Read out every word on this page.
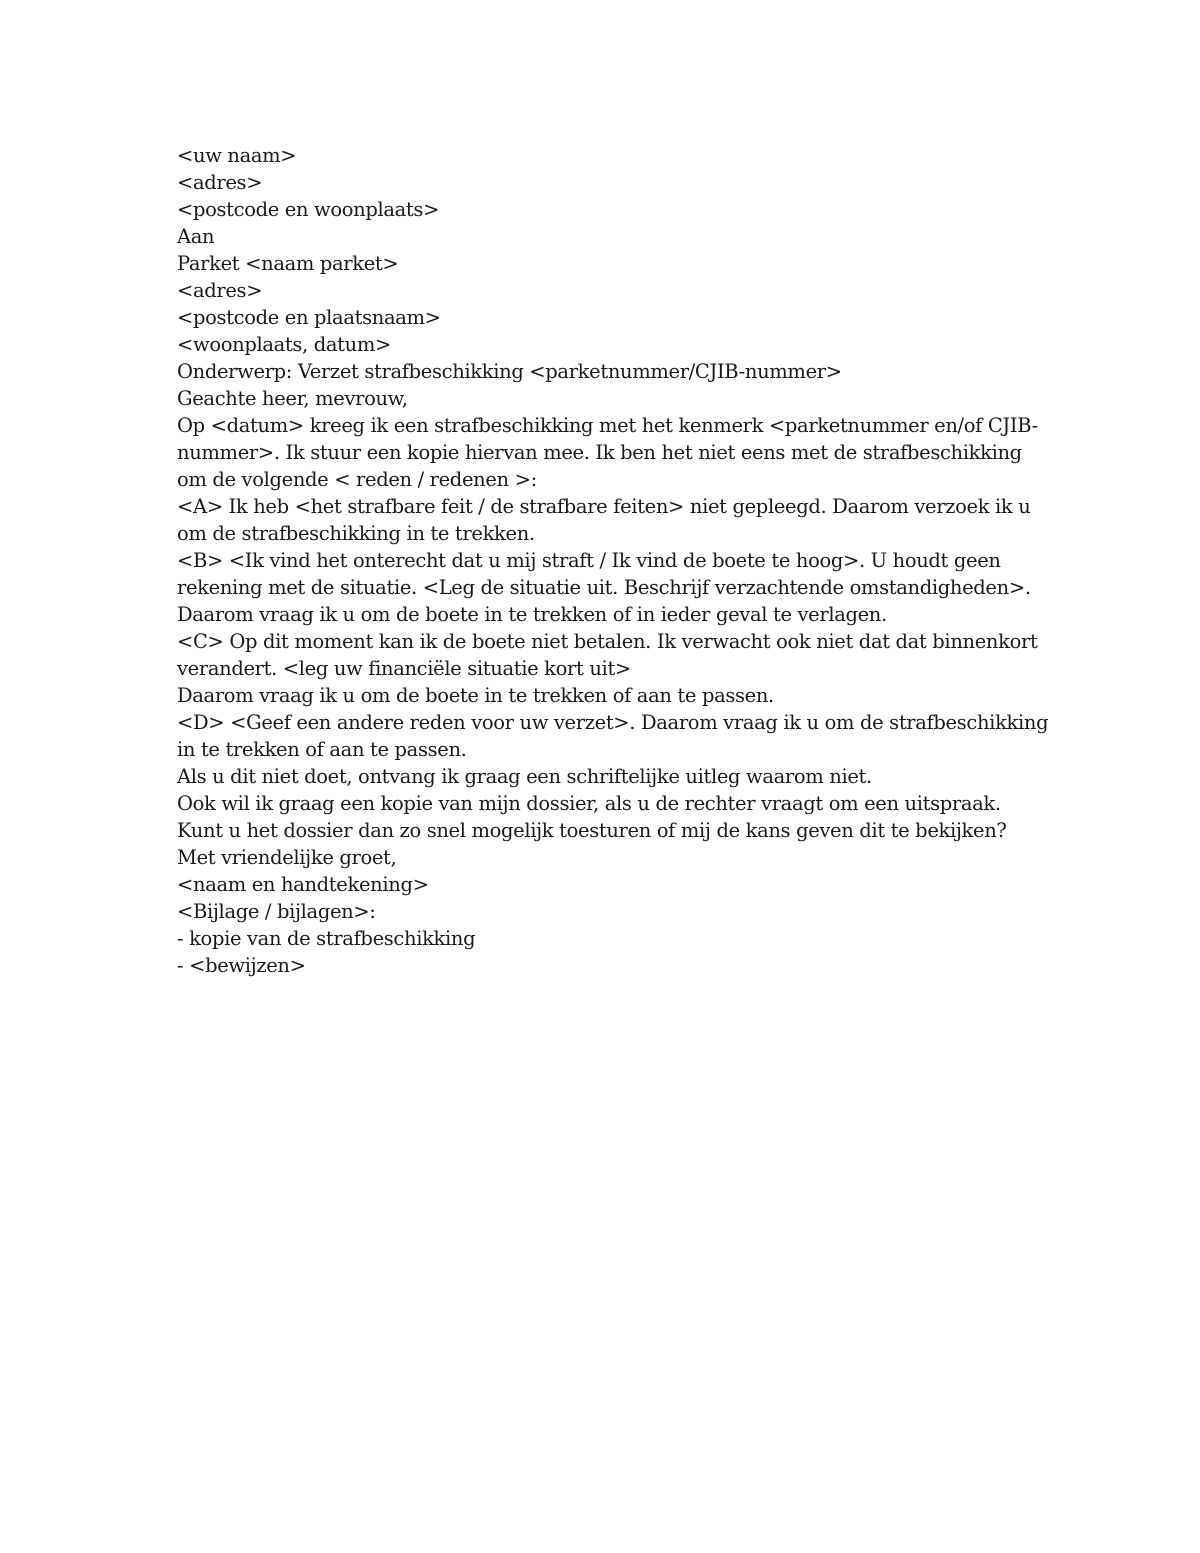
<uw naam>
<adres>
<postcode en woonplaats>
Aan
Parket <naam parket>
<adres>
<postcode en plaatsnaam>
<woonplaats, datum>
Onderwerp: Verzet strafbeschikking <parketnummer/CJIB-nummer>
Geachte heer, mevrouw,
Op <datum> kreeg ik een strafbeschikking met het kenmerk <parketnummer en/of CJIB-
nummer>. Ik stuur een kopie hiervan mee. Ik ben het niet eens met de strafbeschikking
om de volgende < reden / redenen >:
<A> Ik heb <het strafbare feit / de strafbare feiten> niet gepleegd. Daarom verzoek ik u
om de strafbeschikking in te trekken.
<B> <Ik vind het onterecht dat u mij straft / Ik vind de boete te hoog>. U houdt geen
rekening met de situatie. <Leg de situatie uit. Beschrijf verzachtende omstandigheden>.
Daarom vraag ik u om de boete in te trekken of in ieder geval te verlagen.
<C> Op dit moment kan ik de boete niet betalen. Ik verwacht ook niet dat dat binnenkort
verandert. <leg uw financiële situatie kort uit>
Daarom vraag ik u om de boete in te trekken of aan te passen.
<D> <Geef een andere reden voor uw verzet>. Daarom vraag ik u om de strafbeschikking
in te trekken of aan te passen.
Als u dit niet doet, ontvang ik graag een schriftelijke uitleg waarom niet.
Ook wil ik graag een kopie van mijn dossier, als u de rechter vraagt om een uitspraak.
Kunt u het dossier dan zo snel mogelijk toesturen of mij de kans geven dit te bekijken?
Met vriendelijke groet,
<naam en handtekening>
<Bijlage / bijlagen>:
- kopie van de strafbeschikking
- <bewijzen>
